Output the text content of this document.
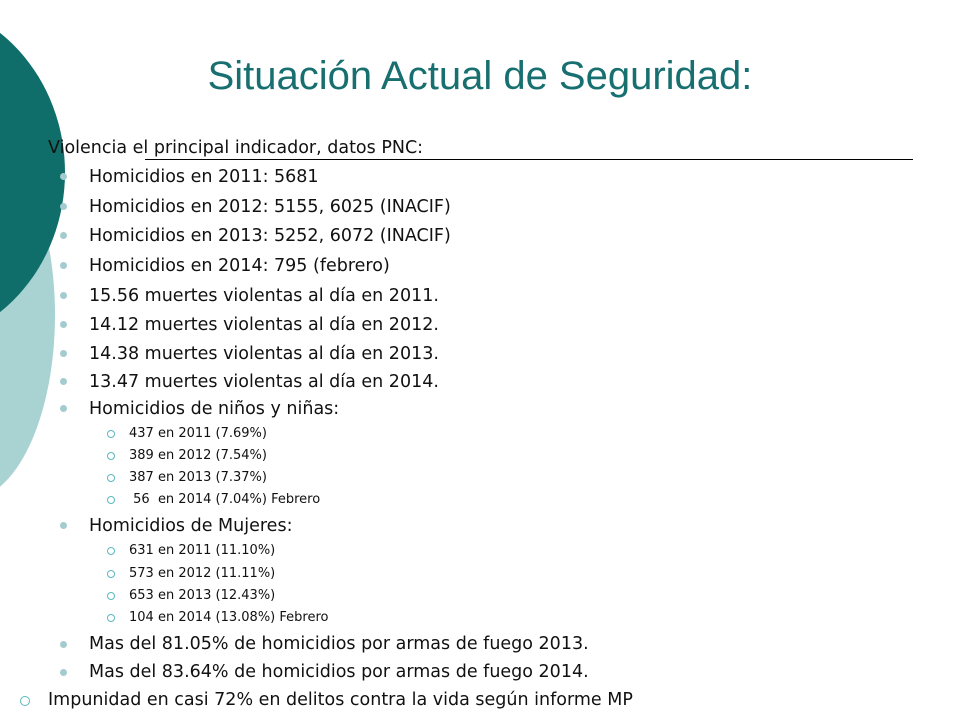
Situación Actual de Seguridad:
Violencia el principal indicador, datos PNC:
Homicidios en 2011: 5681
Homicidios en 2012: 5155, 6025 (INACIF)
Homicidios en 2013: 5252, 6072 (INACIF)
Homicidios en 2014: 795 (febrero)
15.56 muertes violentas al día en 2011.
14.12 muertes violentas al día en 2012.
14.38 muertes violentas al día en 2013.
13.47 muertes violentas al día en 2014.
Homicidios de niños y niñas:
437 en 2011 (7.69%)
389 en 2012 (7.54%)
387 en 2013 (7.37%)
56  en 2014 (7.04%) Febrero
Homicidios de Mujeres:
631 en 2011 (11.10%)
573 en 2012 (11.11%)
653 en 2013 (12.43%)
104 en 2014 (13.08%) Febrero
Mas del 81.05% de homicidios por armas de fuego 2013.
Mas del 83.64% de homicidios por armas de fuego 2014.
Impunidad en casi 72% en delitos contra la vida según informe MP
